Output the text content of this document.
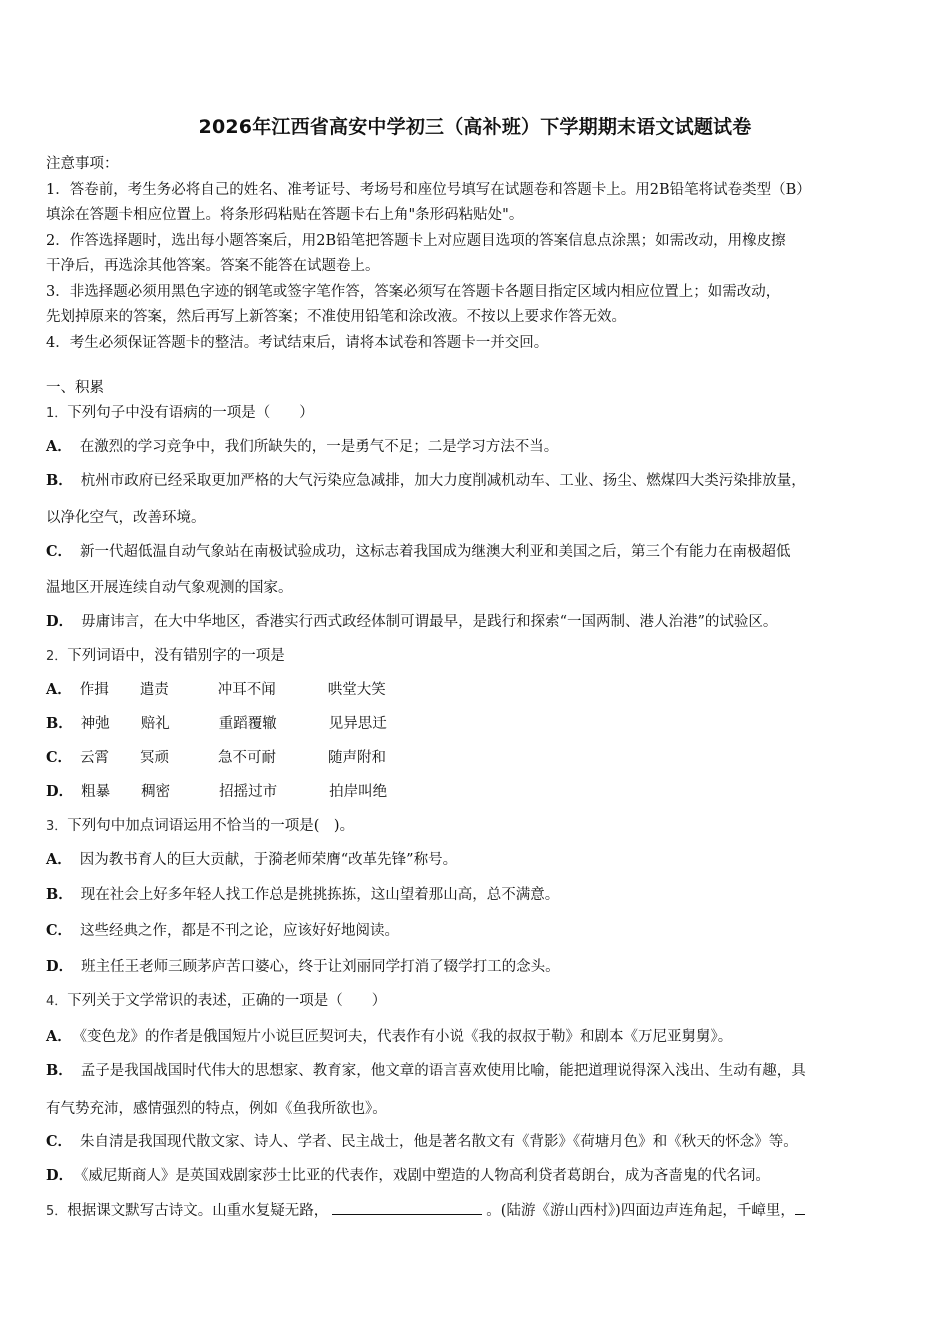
2026年江西省高安中学初三（高补班）下学期期末语文试题试卷
注意事项：
1．答卷前，考生务必将自己的姓名、准考证号、考场号和座位号填写在试题卷和答题卡上。用2B铅笔将试卷类型（B）
填涂在答题卡相应位置上。将条形码粘贴在答题卡右上角"条形码粘贴处"。
2．作答选择题时，选出每小题答案后，用2B铅笔把答题卡上对应题目选项的答案信息点涂黑；如需改动，用橡皮擦
干净后，再选涂其他答案。答案不能答在试题卷上。
3．非选择题必须用黑色字迹的钢笔或签字笔作答，答案必须写在答题卡各题目指定区域内相应位置上；如需改动，
先划掉原来的答案，然后再写上新答案；不准使用铅笔和涂改液。不按以上要求作答无效。
4．考生必须保证答题卡的整洁。考试结束后，请将本试卷和答题卡一并交回。
一、积累
1．下列句子中没有语病的一项是（　　）
A． 在激烈的学习竞争中，我们所缺失的，一是勇气不足；二是学习方法不当。
B． 杭州市政府已经采取更加严格的大气污染应急减排，加大力度削减机动车、工业、扬尘、燃煤四大类污染排放量，
以净化空气，改善环境。
C． 新一代超低温自动气象站在南极试验成功，这标志着我国成为继澳大利亚和美国之后，第三个有能力在南极超低
温地区开展连续自动气象观测的国家。
D． 毋庸讳言，在大中华地区，香港实行西式政经体制可谓最早，是践行和探索“一国两制、港人治港”的试验区。
2．下列词语中，没有错别字的一项是
A． 作揖 遣责	冲耳不闻	哄堂大笑
B． 神弛 赔礼	重蹈覆辙	见异思迁
C． 云霄 冥顽	急不可耐	随声附和
D． 粗暴 稠密	招摇过市	拍岸叫绝
3．下列句中加点词语运用不恰当的一项是(　)。
A． 因为教书育人的巨大贡献，于漪老师荣膺“改革先锋”称号。
B． 现在社会上好多年轻人找工作总是挑挑拣拣，这山望着那山高，总不满意。
C． 这些经典之作，都是不刊之论，应该好好地阅读。
D． 班主任王老师三顾茅庐苦口婆心，终于让刘丽同学打消了辍学打工的念头。
4．下列关于文学常识的表述，正确的一项是（　　）
A． 《变色龙》的作者是俄国短片小说巨匠契诃夫，代表作有小说《我的叔叔于勒》和剧本《万尼亚舅舅》。
B． 孟子是我国战国时代伟大的思想家、教育家，他文章的语言喜欢使用比喻，能把道理说得深入浅出、生动有趣，具
有气势充沛，感情强烈的特点，例如《鱼我所欲也》。
C． 朱自清是我国现代散文家、诗人、学者、民主战士，他是著名散文有《背影》《荷塘月色》和《秋天的怀念》等。
D． 《威尼斯商人》是英国戏剧家莎士比亚的代表作，戏剧中塑造的人物高利贷者葛朗台，成为吝啬鬼的代名词。
5．根据课文默写古诗文。山重水复疑无路，	。(陆游《游山西村》)四面边声连角起，千嶂里，
